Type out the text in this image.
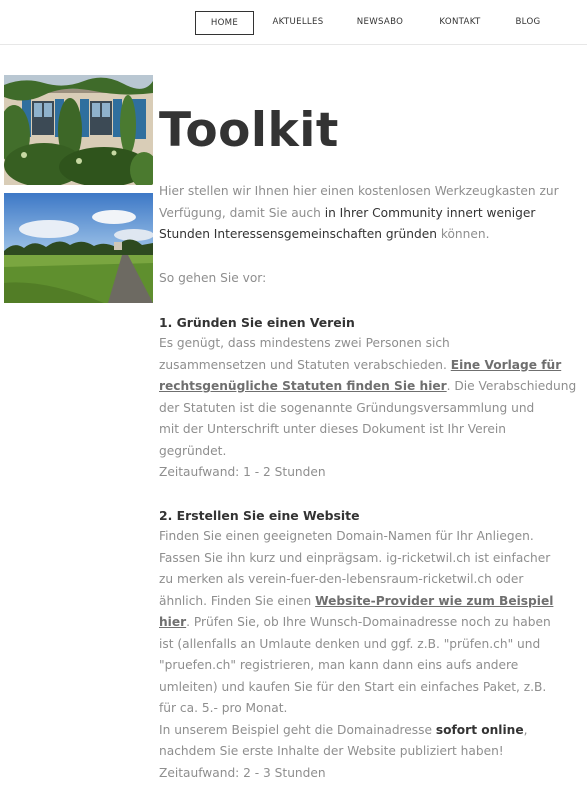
HOME	AKTUELLES	NEWSABO	KONTAKT	BLOG
Toolkit
Hier stellen wir Ihnen hier einen kostenlosen Werkzeugkasten zur
Verfügung, damit Sie auch in Ihrer Community innert weniger
Stunden Interessensgemeinschaften gründen können.
So gehen Sie vor:
1. Gründen Sie einen Verein
Es genügt, dass mindestens zwei Personen sich
zusammensetzen und Statuten verabschieden. Eine Vorlage für
rechtsgenügliche Statuten finden Sie hier. Die Verabschiedung
der Statuten ist die sogenannte Gründungsversammlung und
mit der Unterschrift unter dieses Dokument ist Ihr Verein
gegründet.
Zeitaufwand: 1 - 2 Stunden
2. Erstellen Sie eine Website
Finden Sie einen geeigneten Domain-Namen für Ihr Anliegen.
Fassen Sie ihn kurz und einprägsam. ig-ricketwil.ch ist einfacher
zu merken als verein-fuer-den-lebensraum-ricketwil.ch oder
ähnlich. Finden Sie einen Website-Provider wie zum Beispiel
hier. Prüfen Sie, ob Ihre Wunsch-Domainadresse noch zu haben
ist (allenfalls an Umlaute denken und ggf. z.B. "prüfen.ch" und
"pruefen.ch" registrieren, man kann dann eins aufs andere
umleiten) und kaufen Sie für den Start ein einfaches Paket, z.B.
für ca. 5.- pro Monat.
In unserem Beispiel geht die Domainadresse sofort online,
nachdem Sie erste Inhalte der Website publiziert haben!
Zeitaufwand: 2 - 3 Stunden
